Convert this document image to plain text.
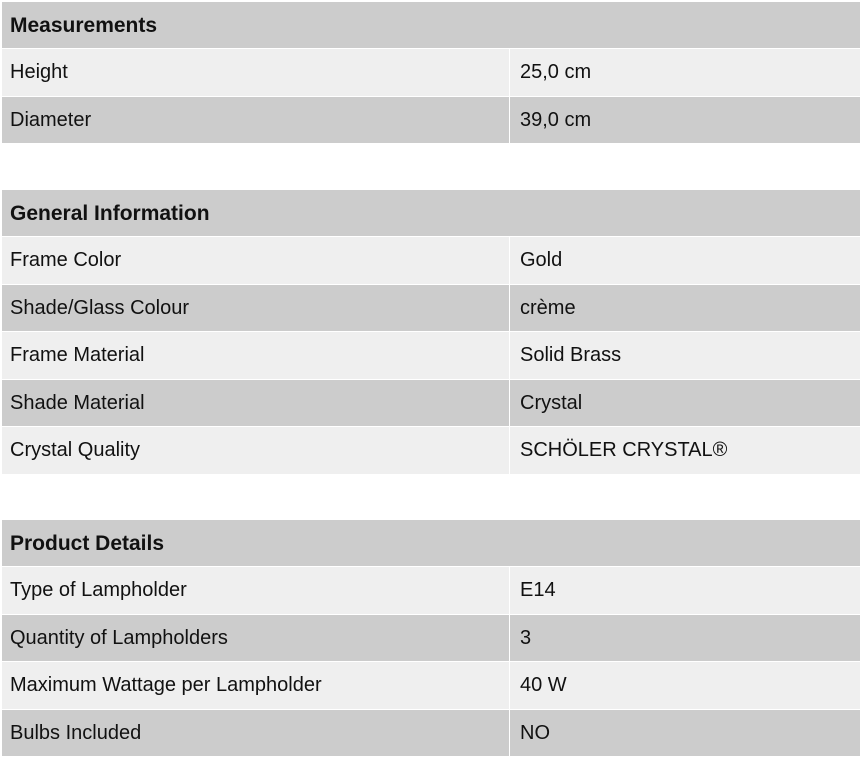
Measurements
Height	25,0 cm
Diameter	39,0 cm
General Information
Frame Color	Gold
Shade/Glass Colour	crème
Frame Material	Solid Brass
Shade Material	Crystal
Crystal Quality	SCHÖLER CRYSTAL®
Product Details
Type of Lampholder	E14
Quantity of Lampholders	3
Maximum Wattage per Lampholder	40 W
Bulbs Included	NO
